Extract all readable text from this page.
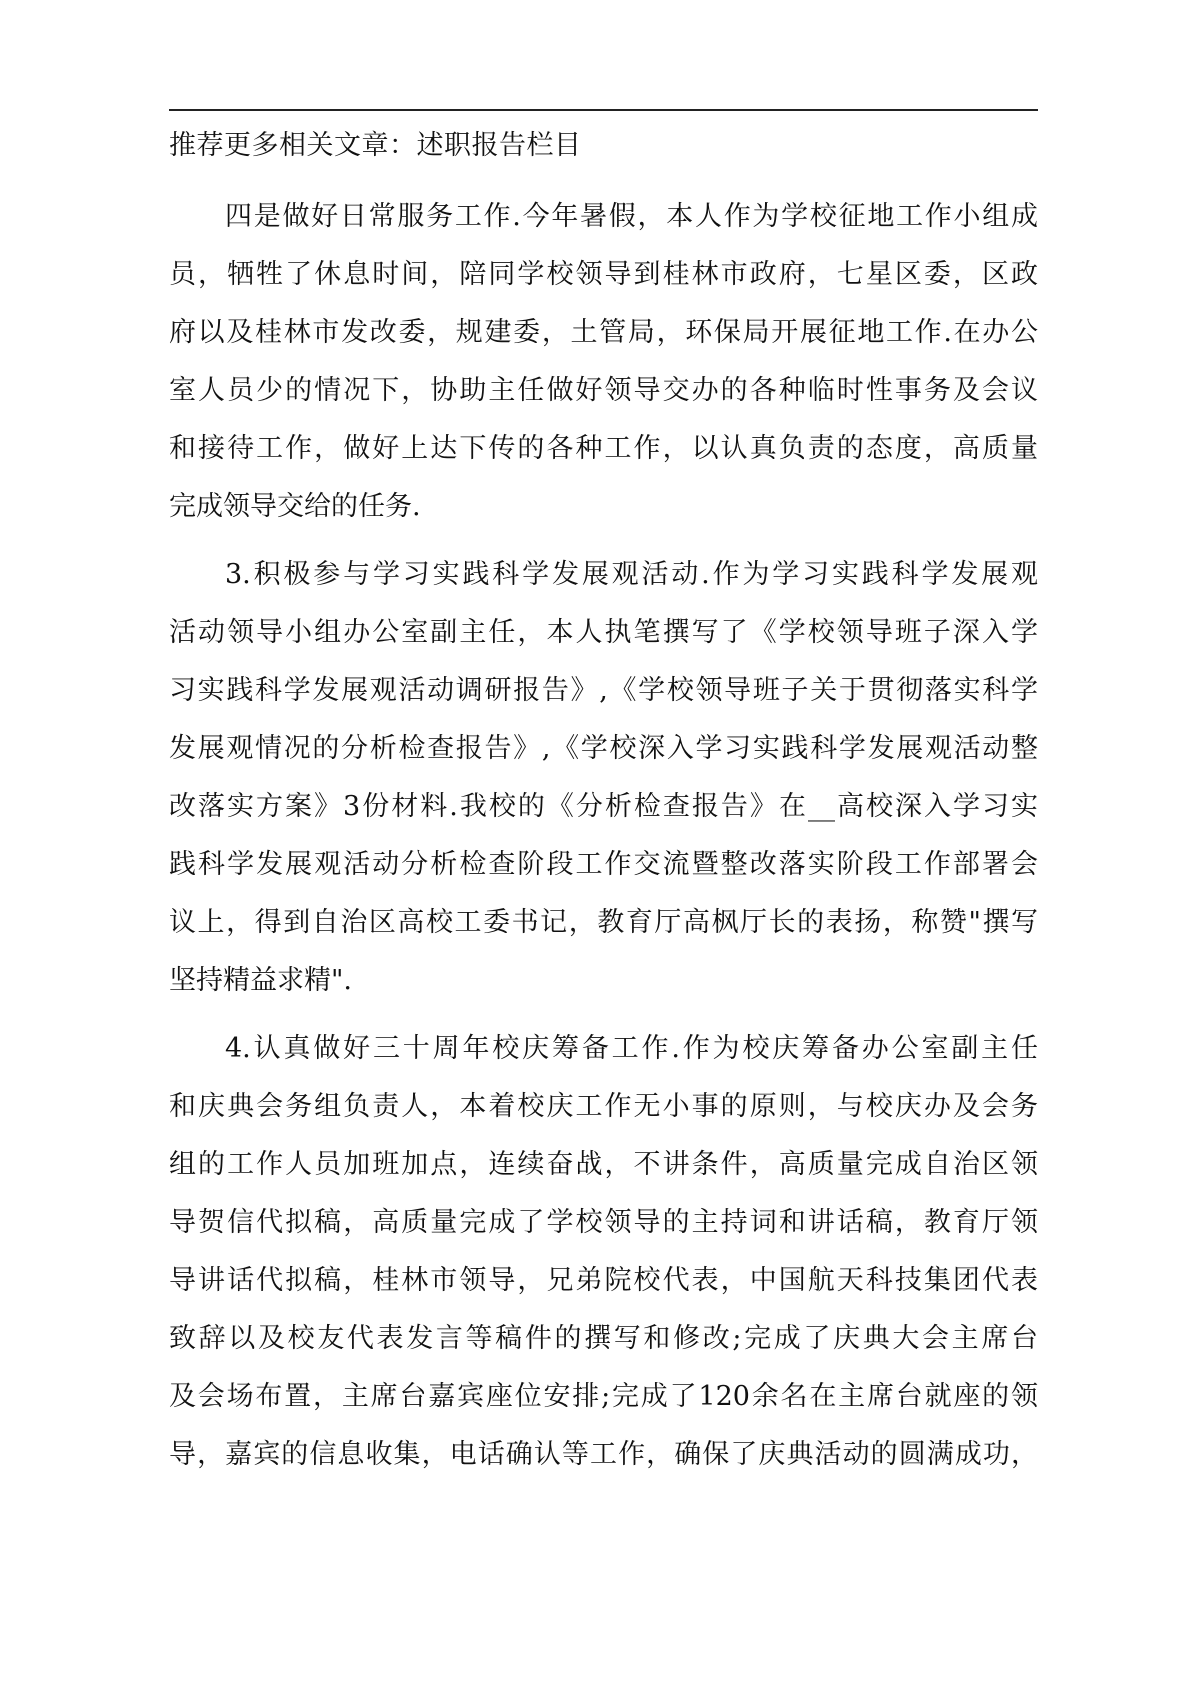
推荐更多相关文章：述职报告栏目
四是做好日常服务工作.今年暑假，本人作为学校征地工作小组成
员，牺牲了休息时间，陪同学校领导到桂林市政府，七星区委，区政
府以及桂林市发改委，规建委，土管局，环保局开展征地工作.在办公
室人员少的情况下，协助主任做好领导交办的各种临时性事务及会议
和接待工作，做好上达下传的各种工作，以认真负责的态度，高质量
完成领导交给的任务.
3.积极参与学习实践科学发展观活动.作为学习实践科学发展观
活动领导小组办公室副主任，本人执笔撰写了《学校领导班子深入学
习实践科学发展观活动调研报告》,《学校领导班子关于贯彻落实科学
发展观情况的分析检查报告》,《学校深入学习实践科学发展观活动整
改落实方案》3份材料.我校的《分析检查报告》在__高校深入学习实
践科学发展观活动分析检查阶段工作交流暨整改落实阶段工作部署会
议上，得到自治区高校工委书记，教育厅高枫厅长的表扬，称赞"撰写
坚持精益求精".
4.认真做好三十周年校庆筹备工作.作为校庆筹备办公室副主任
和庆典会务组负责人，本着校庆工作无小事的原则，与校庆办及会务
组的工作人员加班加点，连续奋战，不讲条件，高质量完成自治区领
导贺信代拟稿，高质量完成了学校领导的主持词和讲话稿，教育厅领
导讲话代拟稿，桂林市领导，兄弟院校代表，中国航天科技集团代表
致辞以及校友代表发言等稿件的撰写和修改;完成了庆典大会主席台
及会场布置，主席台嘉宾座位安排;完成了120余名在主席台就座的领
导，嘉宾的信息收集，电话确认等工作，确保了庆典活动的圆满成功，
